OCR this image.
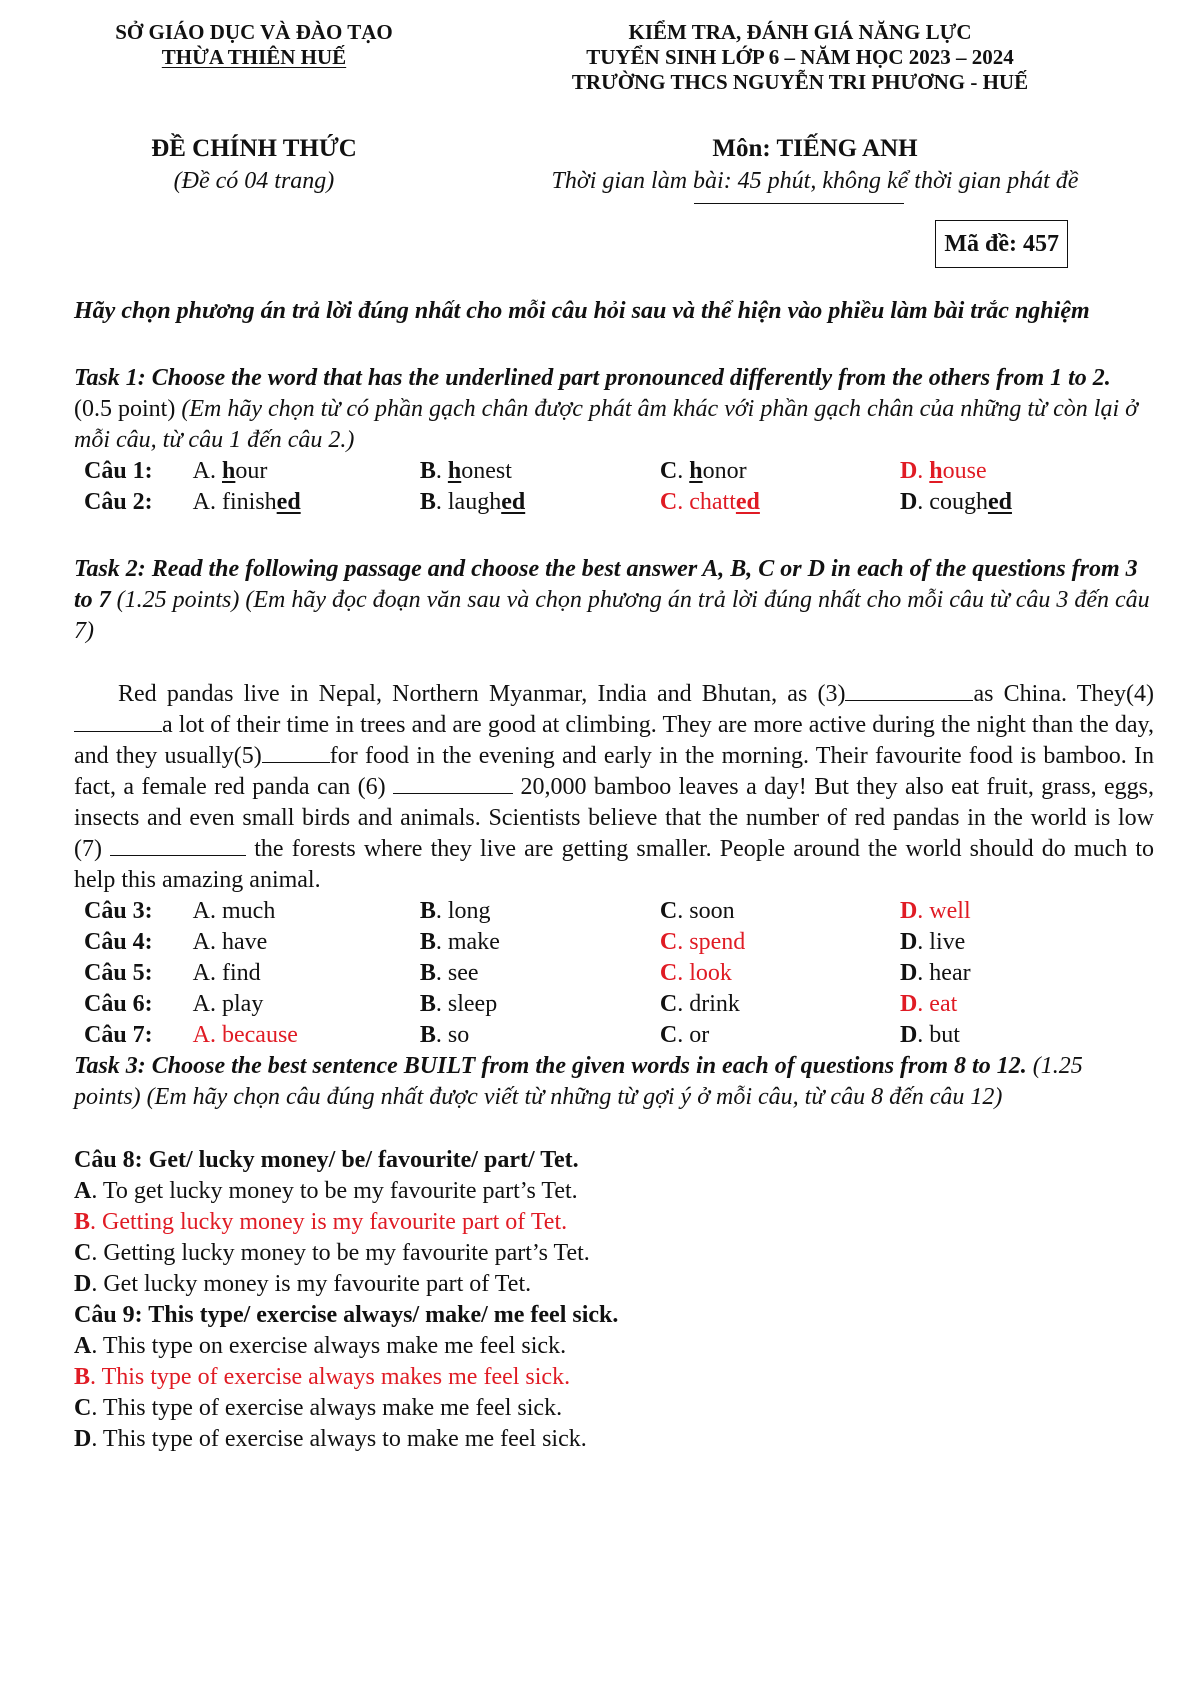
SỞ GIÁO DỤC VÀ ĐÀO TẠO
THỪA THIÊN HUẾ
KIỂM TRA, ĐÁNH GIÁ NĂNG LỰC
TUYỂN SINH LỚP 6 – NĂM HỌC 2023 – 2024
TRƯỜNG THCS NGUYỄN TRI PHƯƠNG - HUẾ
ĐỀ CHÍNH THỨC
(Đề có 04 trang)
Môn: TIẾNG ANH
Thời gian làm bài: 45 phút, không kể thời gian phát đề
Mã đề: 457
Hãy chọn phương án trả lời đúng nhất cho mỗi câu hỏi sau và thể hiện vào phiều làm bài trắc nghiệm
Task 1: Choose the word that has the underlined part pronounced differently from the others from 1 to 2. (0.5 point) (Em hãy chọn từ có phần gạch chân được phát âm khác với phần gạch chân của những từ còn lại ở mỗi câu, từ câu 1 đến câu 2.)
Câu 1:	A. hour	B. honest	C. honor	D. house
Câu 2:	A. finished	B. laughed	C. chatted	D. coughed
Task 2: Read the following passage and choose the best answer A, B, C or D in each of the questions from 3 to 7 (1.25 points) (Em hãy đọc đoạn văn sau và chọn phương án trả lời đúng nhất cho mỗi câu từ câu 3 đến câu 7)
Red pandas live in Nepal, Northern Myanmar, India and Bhutan, as (3)	as China. They(4)a lot of their time in trees and are good at climbing. They are more active during the night than the day, and they usually(5)	for food in the evening and early in the morning. Their favourite food is bamboo. In fact, a female red panda can (6)	20,000 bamboo leaves a day! But they also eat fruit, grass, eggs, insects and even small birds and animals. Scientists believe that the number of red pandas in the world is low (7)	the forests where they live are getting smaller. People around the world should do much to help this amazing animal.
Câu 3:	A. much	B. long	C. soon	D. well
Câu 4:	A. have	B. make	C. spend	D. live
Câu 5:	A. find	B. see	C. look	D. hear
Câu 6:	A. play	B. sleep	C. drink	D. eat
Câu 7:	A. because	B. so	C. or	D. but
Task 3: Choose the best sentence BUILT from the given words in each of questions from 8 to 12. (1.25 points) (Em hãy chọn câu đúng nhất được viết từ những từ gợi ý ở mỗi câu, từ câu 8 đến câu 12)
Câu 8: Get/ lucky money/ be/ favourite/ part/ Tet.
A. To get lucky money to be my favourite part’s Tet.
B. Getting lucky money is my favourite part of Tet.
C. Getting lucky money to be my favourite part’s Tet.
D. Get lucky money is my favourite part of Tet.
Câu 9: This type/ exercise always/ make/ me feel sick.
A. This type on exercise always make me feel sick.
B. This type of exercise always makes me feel sick.
C. This type of exercise always make me feel sick.
D. This type of exercise always to make me feel sick.
